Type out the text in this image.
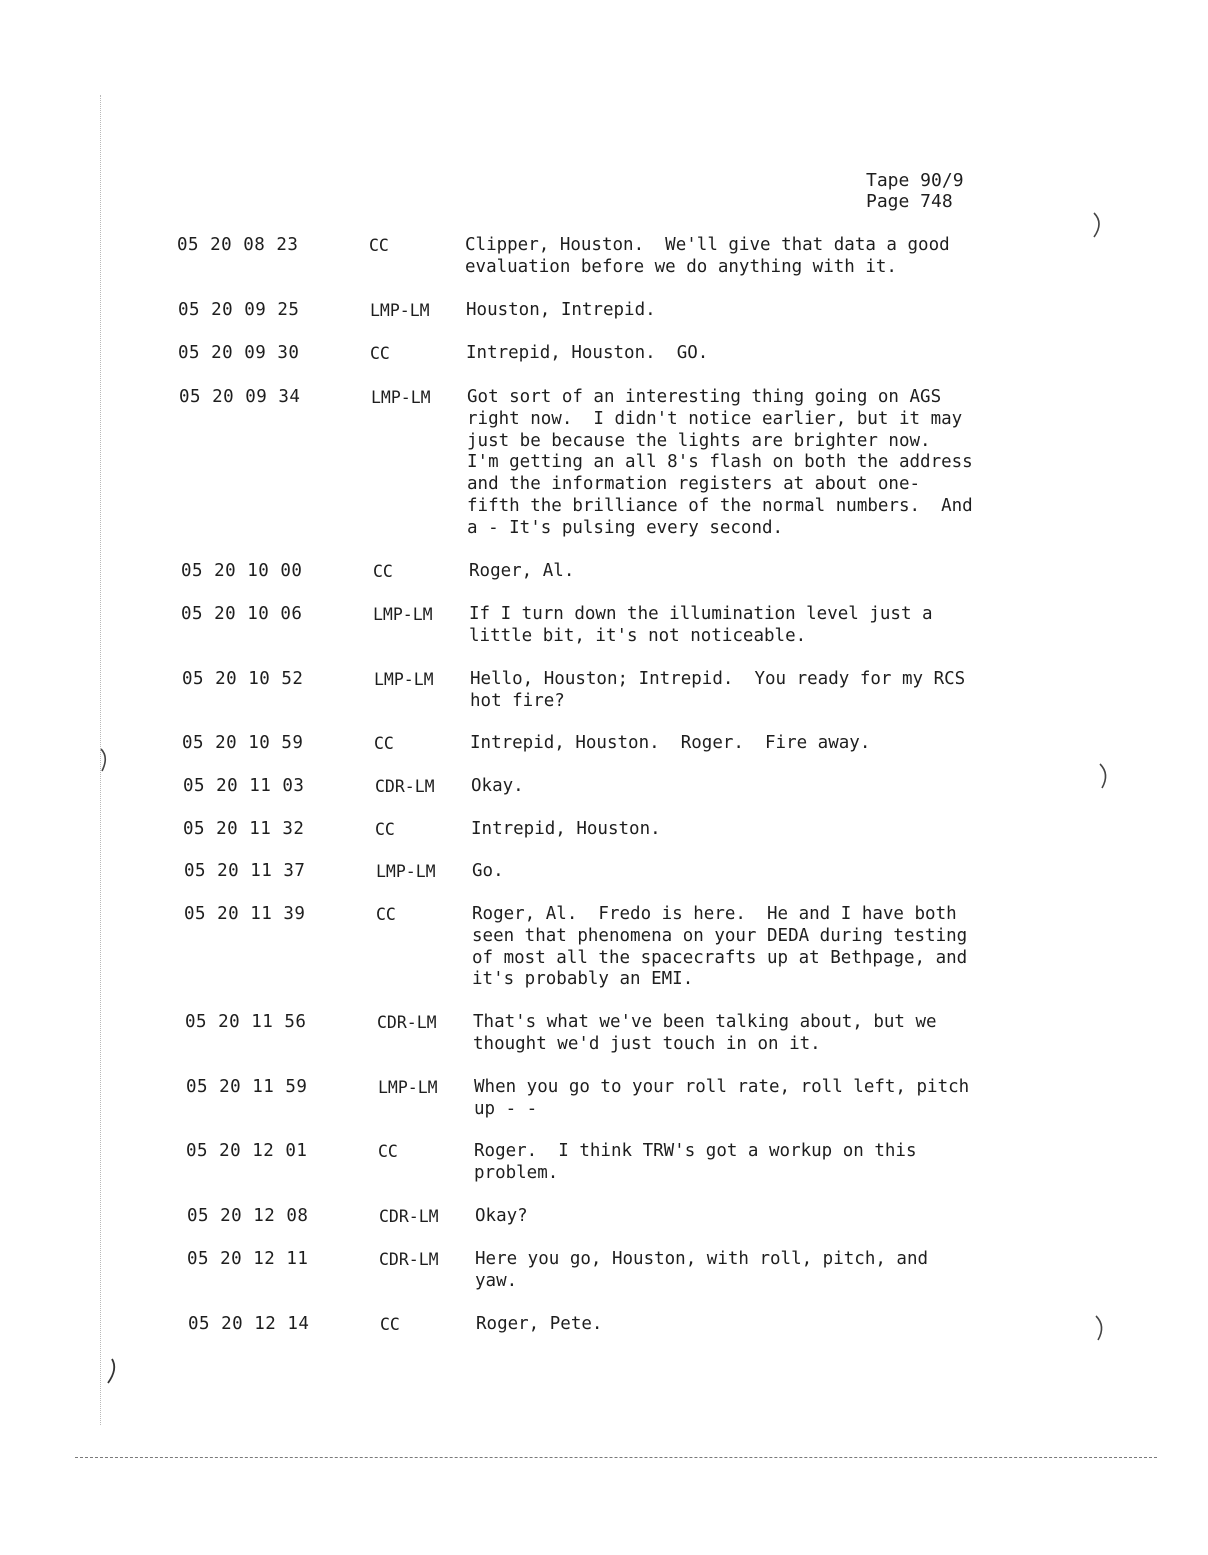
Tape 90/9
Page 748
05 20 08 23	CC	Clipper, Houston.  We'll give that data a good
evaluation before we do anything with it.
05 20 09 25	LMP-LM Houston, Intrepid.
05 20 09 30	CC	Intrepid, Houston.  GO.
05 20 09 34	LMP-LM Got sort of an interesting thing going on AGS
right now.  I didn't notice earlier, but it may
just be because the lights are brighter now.
I'm getting an all 8's flash on both the address
and the information registers at about one-
fifth the brilliance of the normal numbers.  And
a - It's pulsing every second.
05 20 10 00	CC	Roger, Al.
05 20 10 06	LMP-LM If I turn down the illumination level just a
little bit, it's not noticeable.
05 20 10 52	LMP-LM Hello, Houston; Intrepid.  You ready for my RCS
hot fire?
05 20 10 59	CC	Intrepid, Houston.  Roger.  Fire away.
05 20 11 03	CDR-LM Okay.
05 20 11 32	CC	Intrepid, Houston.
05 20 11 37	LMP-LM Go.
05 20 11 39	CC	Roger, Al.  Fredo is here.  He and I have both
seen that phenomena on your DEDA during testing
of most all the spacecrafts up at Bethpage, and
it's probably an EMI.
05 20 11 56	CDR-LM That's what we've been talking about, but we
thought we'd just touch in on it.
05 20 11 59	LMP-LM When you go to your roll rate, roll left, pitch
up - -
05 20 12 01	CC	Roger.  I think TRW's got a workup on this
problem.
05 20 12 08	CDR-LM Okay?
05 20 12 11	CDR-LM Here you go, Houston, with roll, pitch, and
yaw.
05 20 12 14	CC	Roger, Pete.
